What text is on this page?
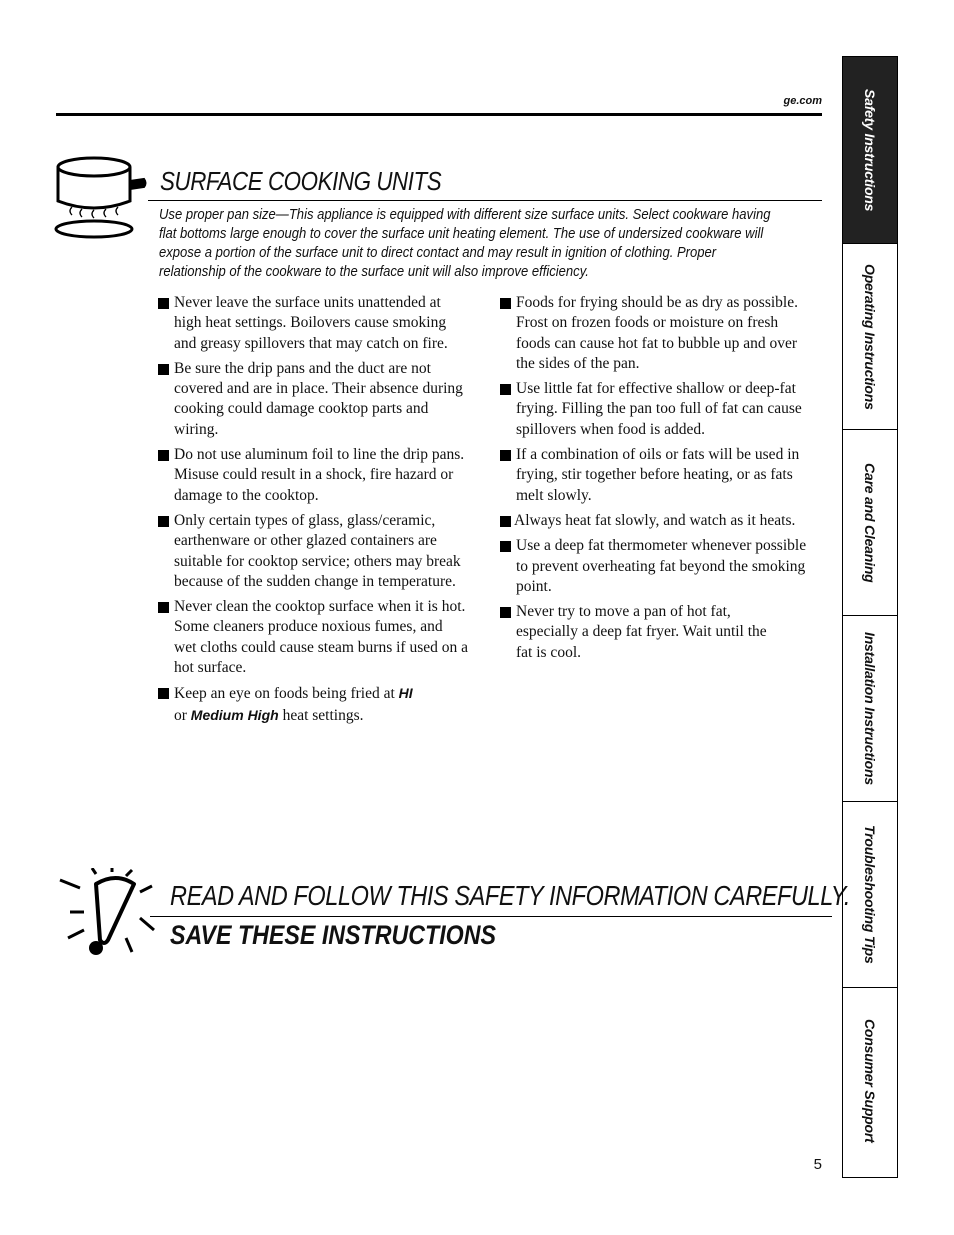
ge.com
SURFACE COOKING UNITS
Use proper pan size—This appliance is equipped with different size surface units. Select cookware having flat bottoms large enough to cover the surface unit heating element. The use of undersized cookware will expose a portion of the surface unit to direct contact and may result in ignition of clothing. Proper relationship of the cookware to the surface unit will also improve efficiency.
Never leave the surface units unattended at high heat settings. Boilovers cause smoking and greasy spillovers that may catch on fire.
Be sure the drip pans and the duct are not covered and are in place. Their absence during cooking could damage cooktop parts and wiring.
Do not use aluminum foil to line the drip pans. Misuse could result in a shock, fire hazard or damage to the cooktop.
Only certain types of glass, glass/ceramic, earthenware or other glazed containers are suitable for cooktop service; others may break because of the sudden change in temperature.
Never clean the cooktop surface when it is hot. Some cleaners produce noxious fumes, and wet cloths could cause steam burns if used on a hot surface.
Keep an eye on foods being fried at HI
or Medium High heat settings.
Foods for frying should be as dry as possible. Frost on frozen foods or moisture on fresh foods can cause hot fat to bubble up and over the sides of the pan.
Use little fat for effective shallow or deep-fat frying. Filling the pan too full of fat can cause spillovers when food is added.
If a combination of oils or fats will be used in frying, stir together before heating, or as fats melt slowly.
Always heat fat slowly, and watch as it heats.
Use a deep fat thermometer whenever possible to prevent overheating fat beyond the smoking point.
Never try to move a pan of hot fat, especially a deep fat fryer. Wait until the fat is cool.
READ AND FOLLOW THIS SAFETY INFORMATION CAREFULLY.
SAVE THESE INSTRUCTIONS
5
Safety Instructions
Operating Instructions
Care and Cleaning
Installation Instructions
Troubleshooting Tips
Consumer Support
